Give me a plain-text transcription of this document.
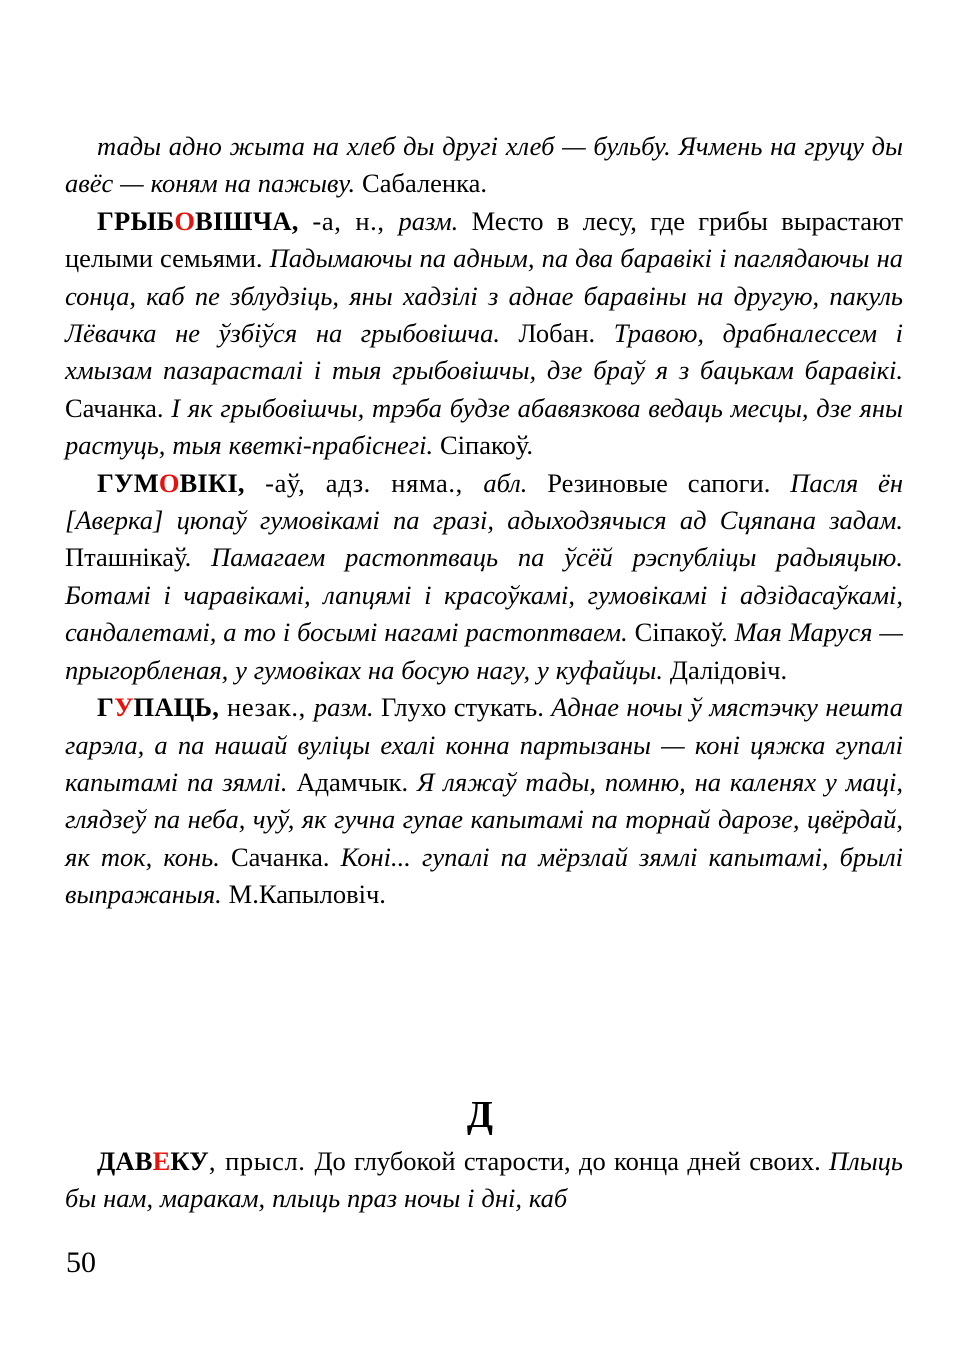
тады адно жыта на хлеб ды другі хлеб — бульбу. Ячмень на груцу ды авёс — коням на пажыву. Сабаленка.

ГРЫБОВІШЧА, -а, н., разм. Место в лесу, где грибы вырастают целыми семьями. Падымаючы па адным, па два баравікі і паглядаючы на сонца, каб пе зблудзіць, яны хадзілі з аднае баравіны на другую, пакуль Лёвачка не ўзбіўся на грыбовішча. Лобан. Травою, драбналессем і хмызам пазарасталі і тыя грыбовішчы, дзе браў я з бацькам баравікі. Сачанка. І як грыбовішчы, трэба будзе абавязкова ведаць месцы, дзе яны растуць, тыя кветкі-прабіснегі. Сіпакоў.

ГУМОВІКІ, -аў, адз. няма., абл. Резиновые сапоги. Пасля ён [Аверка] цюпаў гумовікамі па гразі, адыходзячыся ад Сцяпана задам. Пташнікаў. Памагаем растоптваць па ўсёй рэспубліцы радыяцыю. Ботамі і чаравікамі, лапцямі і красоўкамі, гумовікамі і адзідасаўкамі, сандалетамі, а то і босымі нагамі растоптваем. Сіпакоў. Мая Маруся — прыгорбленая, у гумовіках на босую нагу, у куфайцы. Далідовіч.

ГУПАЦЬ, незак., разм. Глухо стукать. Аднае ночы ў мястэчку нешта гарэла, а па нашай вуліцы ехалі конна партызаны — коні цяжка гупалі капытамі па зямлі. Адамчык. Я ляжаў тады, помню, на каленях у маці, глядзеў па неба, чуў, як гучна гупае капытамі па торнай дарозе, цвёрдай, як ток, конь. Сачанка. Коні... гупалі па мёрзлай зямлі капытамі, брылі выпражаныя. М.Капыловіч.

Д

ДАВЕКУ, прысл. До глубокой старости, до конца дней своих. Плыць бы нам, маракам, плыць праз ночы і дні, каб

50
